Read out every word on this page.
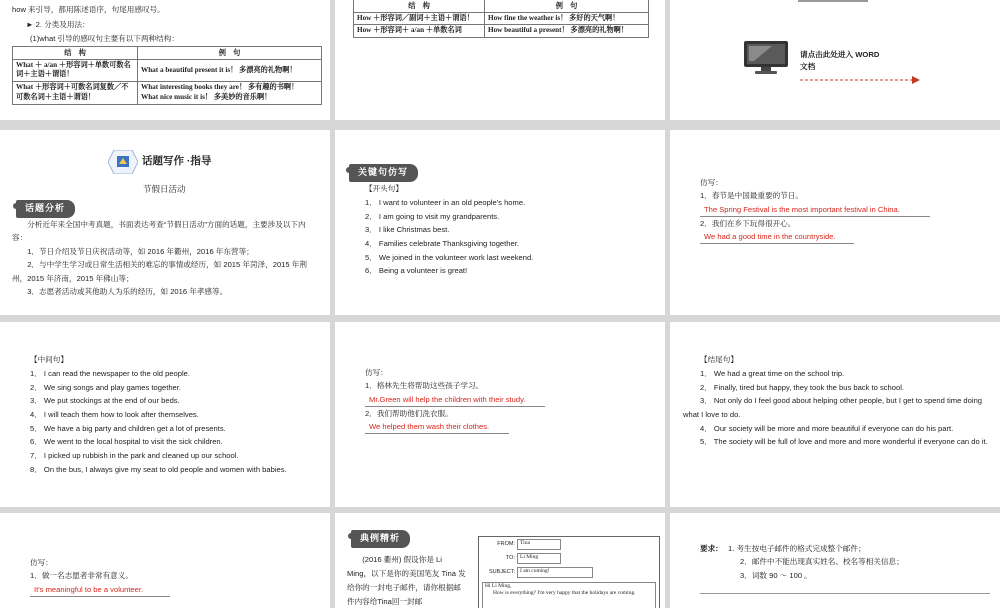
how 来引导，都用陈述语序，句尾用感叹号。
► 2. 分类及用法：
(1)what 引导的感叹句主要有以下两种结构：
结　构	例　句
What ＋ a/an ＋形容词＋单数可数名词＋主语＋谓语！	What a beautiful present it is！ 多漂亮的礼物啊！
What ＋形容词＋可数名词复数／不可数名词＋主语＋谓语！	What interesting books they are！ 多有趣的书啊！
What nice music it is！ 多美妙的音乐啊！
结　构	例　句
How ＋形容词／副词＋主语＋谓语！	How fine the weather is！ 多好的天气啊！
How ＋形容词＋ a/an ＋单数名词	How beautiful a present！ 多漂亮的礼物啊！
请点击此处进入 WORD 文档
话题写作 ·指导
节假日活动
话题分析
分析近年来全国中考真题，书面表达考查“节假日活动”方面的话题，主要涉及以下内容：
1．节日介绍及节日庆祝活动等，如 2016 年衢州，2016 年东营等；
2．与中学生学习或日常生活相关的难忘的事情或经历，如 2015 年菏泽，2015 年荆州，2015 年济南，2015 年佛山等；
3．志愿者活动或其他助人为乐的经历，如 2016 年孝感等。
关键句仿写
【开头句】
1． I want to volunteer in an old people's home.
2． I am going to visit my grandparents.
3． I like Christmas best.
4． Families celebrate Thanksgiving together.
5． We joined in the volunteer work last weekend.
6． Being a volunteer is great!
仿写：
1．春节是中国最重要的节日。
The Spring Festival is the most important festival in China.
2．我们在乡下玩得很开心。
We had a good time in the countryside.
【中间句】
1． I can read the newspaper to the old people.
2． We sing songs and play games together.
3． We put stockings at the end of our beds.
4． I will teach them how to look after themselves.
5． We have a big party and children get a lot of presents.
6． We went to the local hospital to visit the sick children.
7． I picked up rubbish in the park and cleaned up our school.
8． On the bus, I always give my seat to old people and women with babies.
仿写：
1．格林先生将帮助这些孩子学习。
Mr.Green will help the children with their study.
2．我们帮助他们洗衣服。
We helped them wash their clothes.
【结尾句】
1． We had a great time on the school trip.
2． Finally, tired but happy, they took the bus back to school.
3． Not only do I feel good about helping other people, but I get to spend time doing what I love to do.
4． Our society will be more and more beautiful if everyone can do his part.
5． The society will be full of love and more and more wonderful if everyone can do it.
仿写：
1．做一名志愿者非常有意义。
It's meaningful to be a volunteer.
典例精析
(2016 衢州) 假设你是 Li Ming，以下是你的美国笔友 Tina 发给你的一封电子邮件，请你根据邮件内容给Tina回一封邮
FROM: Tina
TO: Li Ming
SUBJECT: I am coming!
Hi Li Ming,
How is everything? I'm very happy that the holidays are coming.
要求： 1. 考生按电子邮件的格式完成整个邮件；
2．邮件中不能出现真实姓名、校名等相关信息；
3．词数 90 ～ 100 。
